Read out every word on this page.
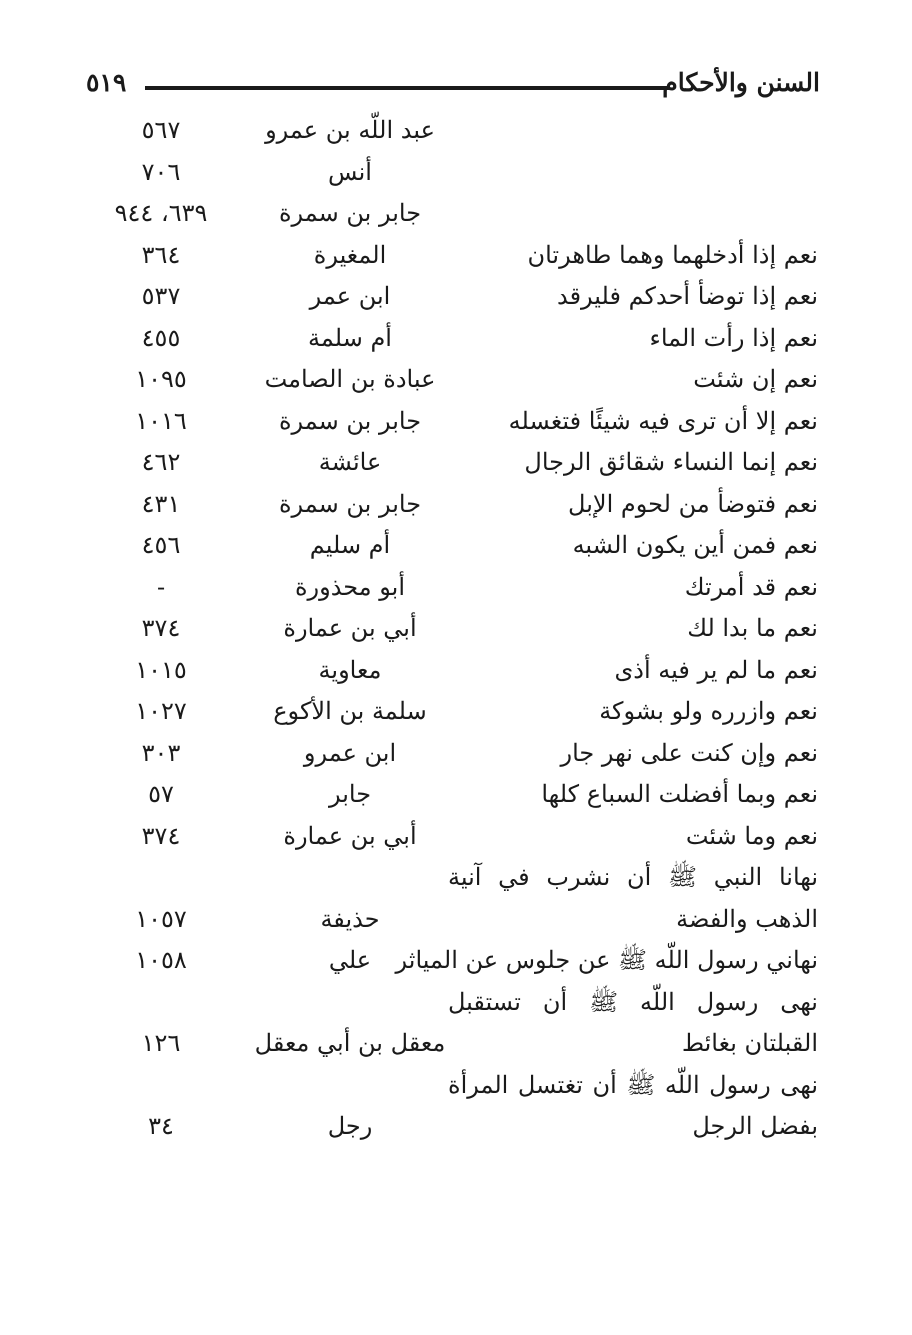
السنن والأحكام
٥١٩
عبد اللّه بن عمرو
٥٦٧
أنس
٧٠٦
جابر بن سمرة
٦٣٩، ٩٤٤
نعم إذا أدخلهما وهما طاهرتان
المغيرة
٣٦٤
نعم إذا توضأ أحدكم فليرقد
ابن عمر
٥٣٧
نعم إذا رأت الماء
أم سلمة
٤٥٥
نعم إن شئت
عبادة بن الصامت
١٠٩٥
نعم إلا أن ترى فيه شيئًا فتغسله
جابر بن سمرة
١٠١٦
نعم إنما النساء شقائق الرجال
عائشة
٤٦٢
نعم فتوضأ من لحوم الإبل
جابر بن سمرة
٤٣١
نعم فمن أين يكون الشبه
أم سليم
٤٥٦
نعم قد أمرتك
أبو محذورة
-
نعم ما بدا لك
أبي بن عمارة
٣٧٤
نعم ما لم ير فيه أذى
معاوية
١٠١٥
نعم وازرره ولو بشوكة
سلمة بن الأكوع
١٠٢٧
نعم وإن كنت على نهر جار
ابن عمرو
٣٠٣
نعم وبما أفضلت السباع كلها
جابر
٥٧
نعم وما شئت
أبي بن عمارة
٣٧٤
نهانا النبي ﷺ أن نشرب في آنية الذهب والفضة
حذيفة
١٠٥٧
نهاني رسول اللّه ﷺ عن جلوس عن المياثر
علي
١٠٥٨
نهى رسول اللّه ﷺ أن تستقبل القبلتان بغائط
معقل بن أبي معقل
١٢٦
نهى رسول اللّه ﷺ أن تغتسل المرأة بفضل الرجل
رجل
٣٤
